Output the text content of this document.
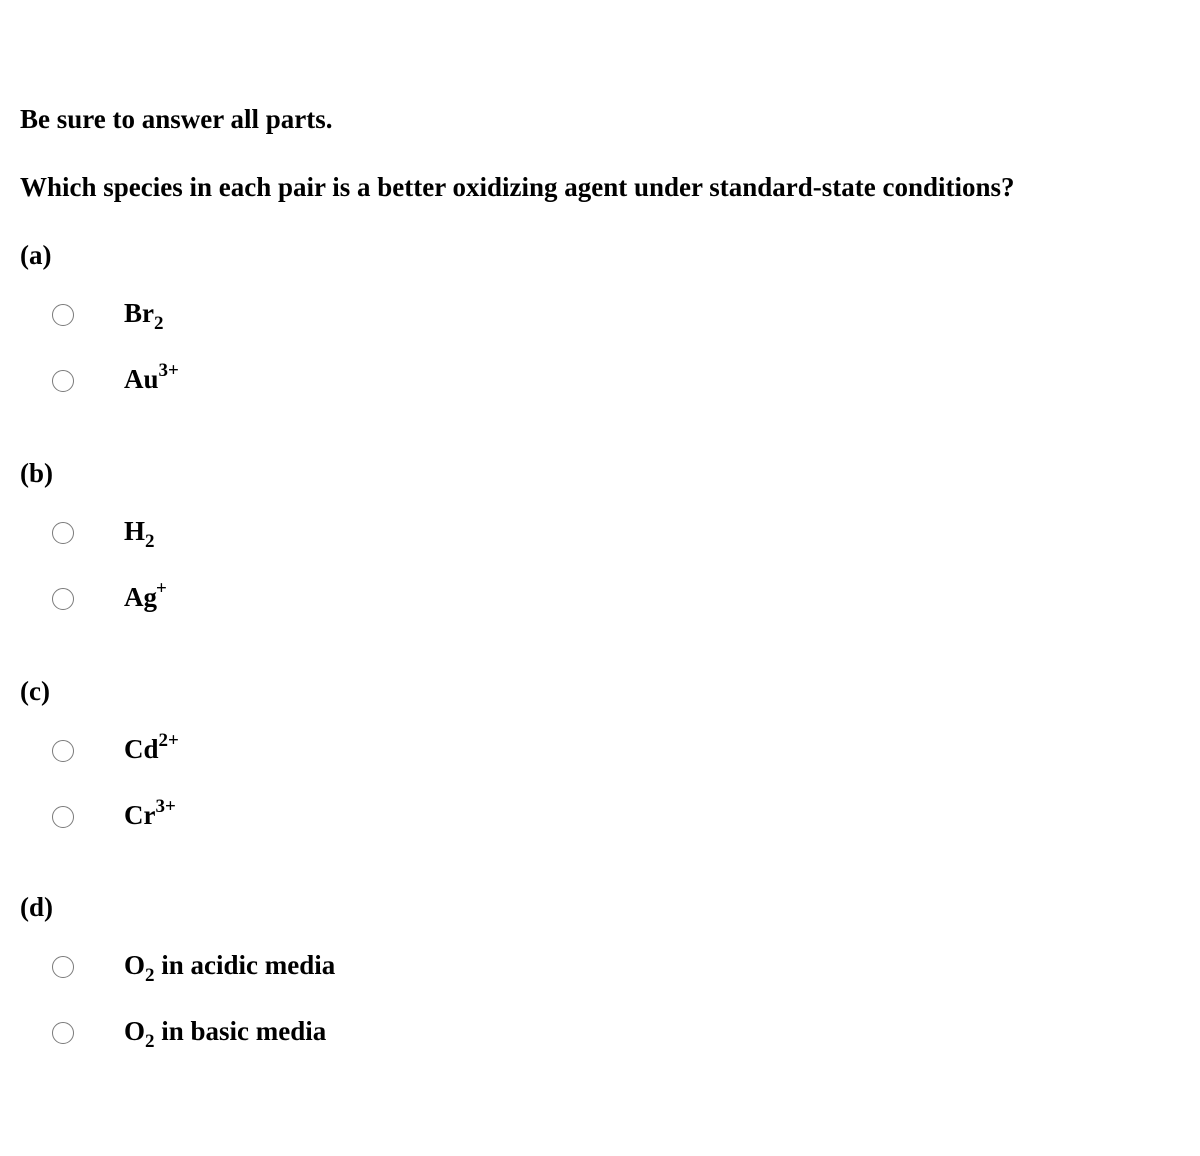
Be sure to answer all parts.
Which species in each pair is a better oxidizing agent under standard-state conditions?
(a)
$Br_2$
$Au^{3+}$
(b)
$H_2$
Ag+
(c)
$Cd^{2+}$
$Cr^{3+}$
(d)
$O_2$ in acidic media
$O_2$ in basic media
